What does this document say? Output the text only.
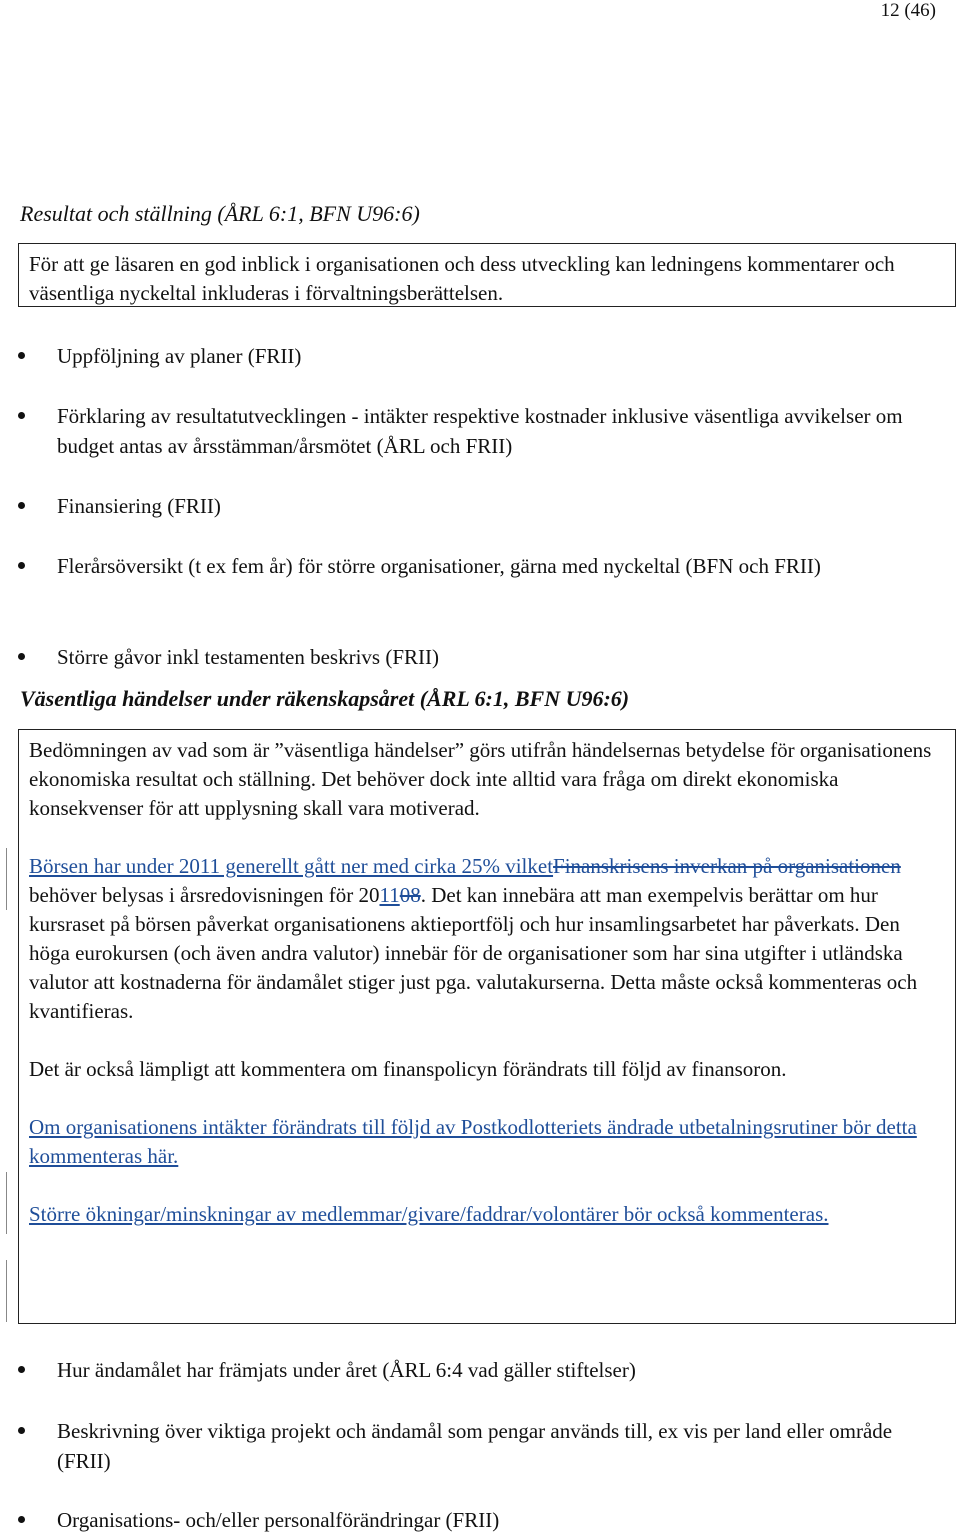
12 (46)
Resultat och ställning (ÅRL 6:1, BFN U96:6)

För att ge läsaren en god inblick i organisationen och dess utveckling kan ledningens kommentarer och väsentliga nyckeltal inkluderas i förvaltningsberättelsen.

Uppföljning av planer (FRII)
Förklaring av resultatutvecklingen - intäkter respektive kostnader inklusive väsentliga avvikelser om budget antas av årsstämman/årsmötet (ÅRL och FRII)
Finansiering (FRII)
Flerårsöversikt (t ex fem år) för större organisationer, gärna med nyckeltal (BFN och FRII)
Större gåvor inkl testamenten beskrivs (FRII)
Väsentliga händelser under räkenskapsåret (ÅRL 6:1, BFN U96:6)

Bedömningen av vad som är ”väsentliga händelser” görs utifrån händelsernas betydelse för organisationens ekonomiska resultat och ställning. Det behöver dock inte alltid vara fråga om direkt ekonomiska konsekvenser för att upplysning skall vara motiverad.

Börsen har under 2011 generellt gått ner med cirka 25% vilketFinanskrisens inverkan på organisationen behöver belysas i årsredovisningen för 201108. Det kan innebära att man exempelvis berättar om hur kursraset på börsen påverkat organisationens aktieportfölj och hur insamlingsarbetet har påverkats. Den höga eurokursen (och även andra valutor) innebär för de organisationer som har sina utgifter i utländska valutor att kostnaderna för ändamålet stiger just pga. valutakurserna. Detta måste också kommenteras och kvantifieras.

Det är också lämpligt att kommentera om finanspolicyn förändrats till följd av finansoron.

Om organisationens intäkter förändrats till följd av Postkodlotteriets ändrade utbetalningsrutiner bör detta kommenteras här.

Större ökningar/minskningar av medlemmar/givare/faddrar/volontärer bör också kommenteras.

Hur ändamålet har främjats under året (ÅRL 6:4 vad gäller stiftelser)
Beskrivning över viktiga projekt och ändamål som pengar används till, ex vis per land eller område (FRII)
Organisations- och/eller personalförändringar (FRII)
